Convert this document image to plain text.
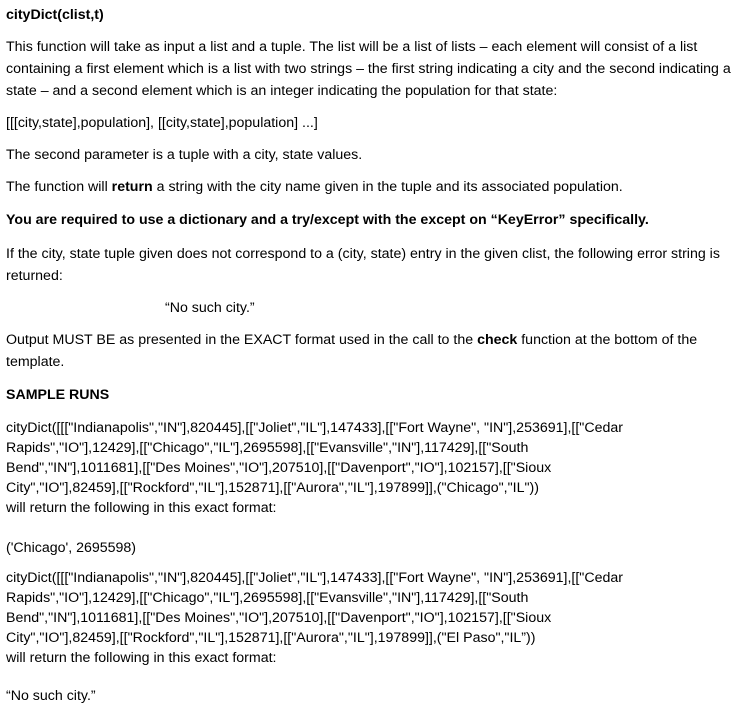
cityDict(clist,t)
This function will take as input a list and a tuple. The list will be a list of lists – each element will consist of a list containing a first element which is a list with two strings – the first string indicating a city and the second indicating a state – and a second element which is an integer indicating the population for that state:
[[[city,state],population], [[city,state],population] ...]
The second parameter is a tuple with a city, state values.
The function will return a string with the city name given in the tuple and its associated population.
You are required to use a dictionary and a try/except with the except on “KeyError” specifically.
If the city, state tuple given does not correspond to a (city, state) entry in the given clist, the following error string is returned:
“No such city.”
Output MUST BE as presented in the EXACT format used in the call to the check function at the bottom of the template.
SAMPLE RUNS
cityDict([[["Indianapolis","IN"],820445],[["Joliet","IL"],147433],[["Fort Wayne", "IN"],253691],[["Cedar
Rapids","IO"],12429],[["Chicago","IL"],2695598],[["Evansville","IN"],117429],[["South
Bend","IN"],1011681],[["Des Moines","IO"],207510],[["Davenport","IO"],102157],[["Sioux
City","IO"],82459],[["Rockford","IL"],152871],[["Aurora","IL"],197899]],("Chicago","IL"))
will return the following in this exact format:
('Chicago', 2695598)
cityDict([[["Indianapolis","IN"],820445],[["Joliet","IL"],147433],[["Fort Wayne", "IN"],253691],[["Cedar
Rapids","IO"],12429],[["Chicago","IL"],2695598],[["Evansville","IN"],117429],[["South
Bend","IN"],1011681],[["Des Moines","IO"],207510],[["Davenport","IO"],102157],[["Sioux
City","IO"],82459],[["Rockford","IL"],152871],[["Aurora","IL"],197899]],("El Paso","IL”))
will return the following in this exact format:
“No such city.”
